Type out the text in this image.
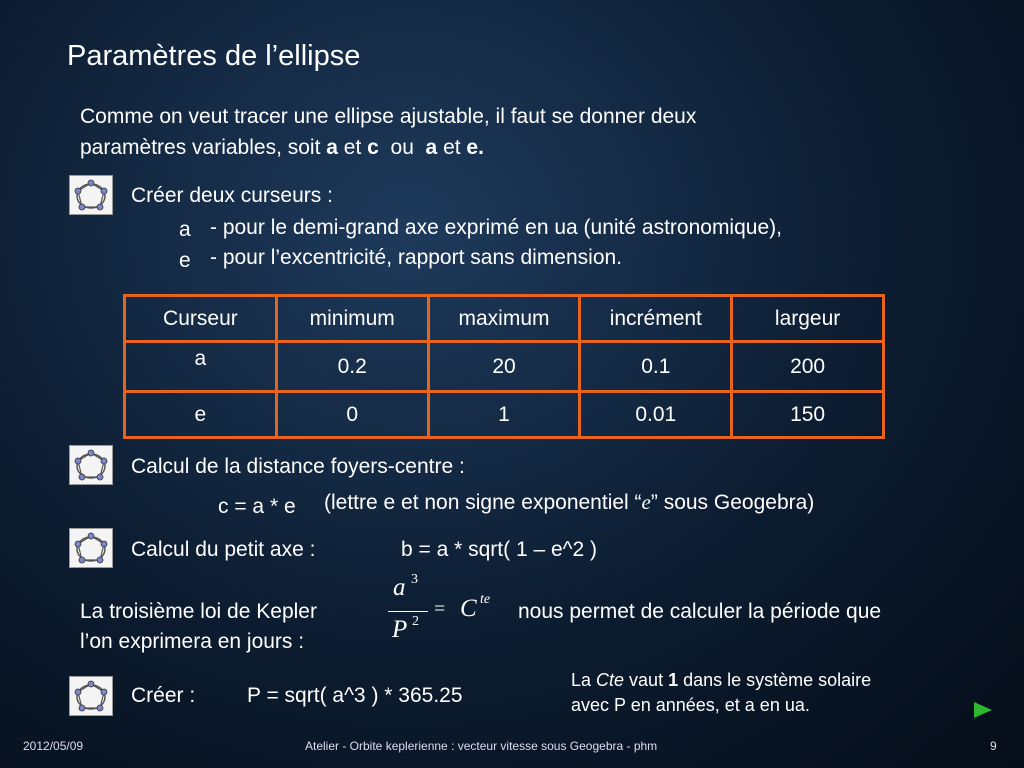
Paramètres de l’ellipse
Comme on veut tracer une ellipse ajustable, il faut se donner deux
paramètres variables, soit a et c  ou  a et e.
Créer deux curseurs :
a - pour le demi-grand axe exprimé en ua (unité astronomique),
e - pour l’excentricité, rapport sans dimension.
Curseur	minimum	maximum	incrément	largeur
a	0.2	20	0.1	200
e	0	1	0.01	150
Calcul de la distance foyers-centre :
c = a * e (lettre e et non signe exponentiel “e” sous Geogebra)
Calcul du petit axe :	b = a * sqrt( 1 – e^2 )
La troisième loi de Kepler
a 3
P 2
= C te
nous permet de calculer la période que
l’on exprimera en jours :
La Cte vaut 1 dans le système solaire
avec P en années, et a en ua.
Créer : P = sqrt( a^3 ) * 365.25
2012/05/09	Atelier - Orbite keplerienne : vecteur vitesse sous Geogebra - phm	9
